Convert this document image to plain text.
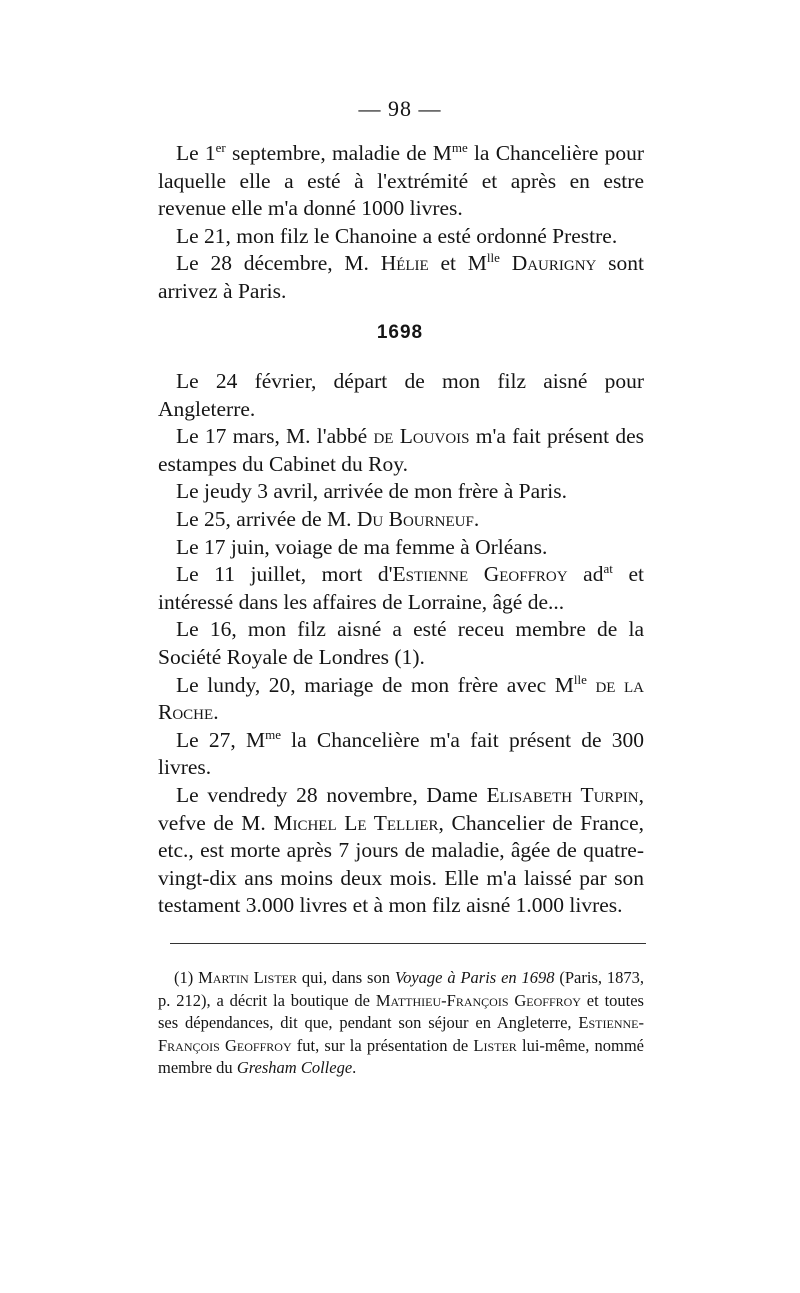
— 98 —

Le 1er septembre, maladie de $M^{me}$ la Chancelière pour laquelle elle a esté à l'extrémité et après en estre revenue elle m'a donné 1000 livres.

Le 21, mon filz le Chanoine a esté ordonné Prestre.

Le 28 décembre, M. Hélie et $M^{lle}$ Daurigny sont arrivez à Paris.

1698

Le 24 février, départ de mon filz aisné pour Angleterre.

Le 17 mars, M. l'abbé de Louvois m'a fait présent des estampes du Cabinet du Roy.

Le jeudy 3 avril, arrivée de mon frère à Paris.

Le 25, arrivée de M. Du Bourneuf.

Le 17 juin, voiage de ma femme à Orléans.

Le 11 juillet, mort d'Estienne Geoffroy $ad^{at}$ et intéressé dans les affaires de Lorraine, âgé de...

Le 16, mon filz aisné a esté receu membre de la Société Royale de Londres (1).

Le lundy, 20, mariage de mon frère avec $M^{lle}$ de la Roche.

Le 27, $M^{me}$ la Chancelière m'a fait présent de 300 livres.

Le vendredy 28 novembre, Dame Elisabeth Turpin, vefve de M. Michel Le Tellier, Chancelier de France, etc., est morte après 7 jours de maladie, âgée de quatre-vingt-dix ans moins deux mois. Elle m'a laissé par son testament 3.000 livres et à mon filz aisné 1.000 livres.

(1) Martin Lister qui, dans son Voyage à Paris en 1698 (Paris, 1873, p. 212), a décrit la boutique de Matthieu-François Geoffroy et toutes ses dépendances, dit que, pendant son séjour en Angleterre, Estienne-François Geoffroy fut, sur la présentation de Lister lui-même, nommé membre du Gresham College.
